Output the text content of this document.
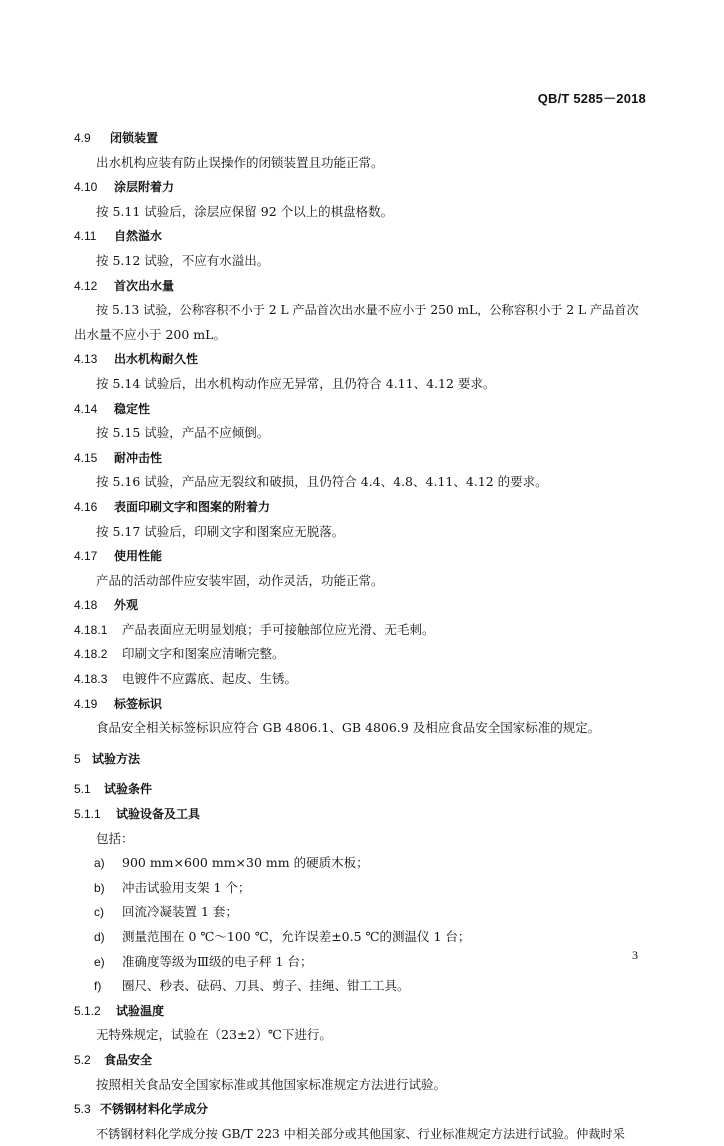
QB/T 5285－2018
4.9 闭锁装置
出水机构应装有防止误操作的闭锁装置且功能正常。
4.10 涂层附着力
按 5.11 试验后，涂层应保留 92 个以上的棋盘格数。
4.11 自然溢水
按 5.12 试验，不应有水溢出。
4.12 首次出水量
按 5.13 试验，公称容积不小于 2 L 产品首次出水量不应小于 250 mL，公称容积小于 2 L 产品首次
出水量不应小于 200 mL。
4.13 出水机构耐久性
按 5.14 试验后，出水机构动作应无异常，且仍符合 4.11、4.12 要求。
4.14 稳定性
按 5.15 试验，产品不应倾倒。
4.15 耐冲击性
按 5.16 试验，产品应无裂纹和破损，且仍符合 4.4、4.8、4.11、4.12 的要求。
4.16 表面印刷文字和图案的附着力
按 5.17 试验后，印刷文字和图案应无脱落。
4.17 使用性能
产品的活动部件应安装牢固，动作灵活，功能正常。
4.18 外观
4.18.1 产品表面应无明显划痕；手可接触部位应光滑、无毛刺。
4.18.2 印刷文字和图案应清晰完整。
4.18.3 电镀件不应露底、起皮、生锈。
4.19 标签标识
食品安全相关标签标识应符合 GB 4806.1、GB 4806.9 及相应食品安全国家标准的规定。
5 试验方法
5.1 试验条件
5.1.1 试验设备及工具
包括：
a) 900 mm×600 mm×30 mm 的硬质木板；
b) 冲击试验用支架 1 个；
c) 回流冷凝装置 1 套；
d) 测量范围在 0 ℃～100 ℃，允许误差±0.5 ℃的测温仪 1 台；
e) 准确度等级为Ⅲ级的电子秤 1 台；
f) 圈尺、秒表、砝码、刀具、剪子、挂绳、钳工工具。
5.1.2 试验温度
无特殊规定，试验在（23±2）℃下进行。
5.2 食品安全
按照相关食品安全国家标准或其他国家标准规定方法进行试验。
5.3 不锈钢材料化学成分
不锈钢材料化学成分按 GB/T 223 中相关部分或其他国家、行业标准规定方法进行试验。仲裁时采
3
